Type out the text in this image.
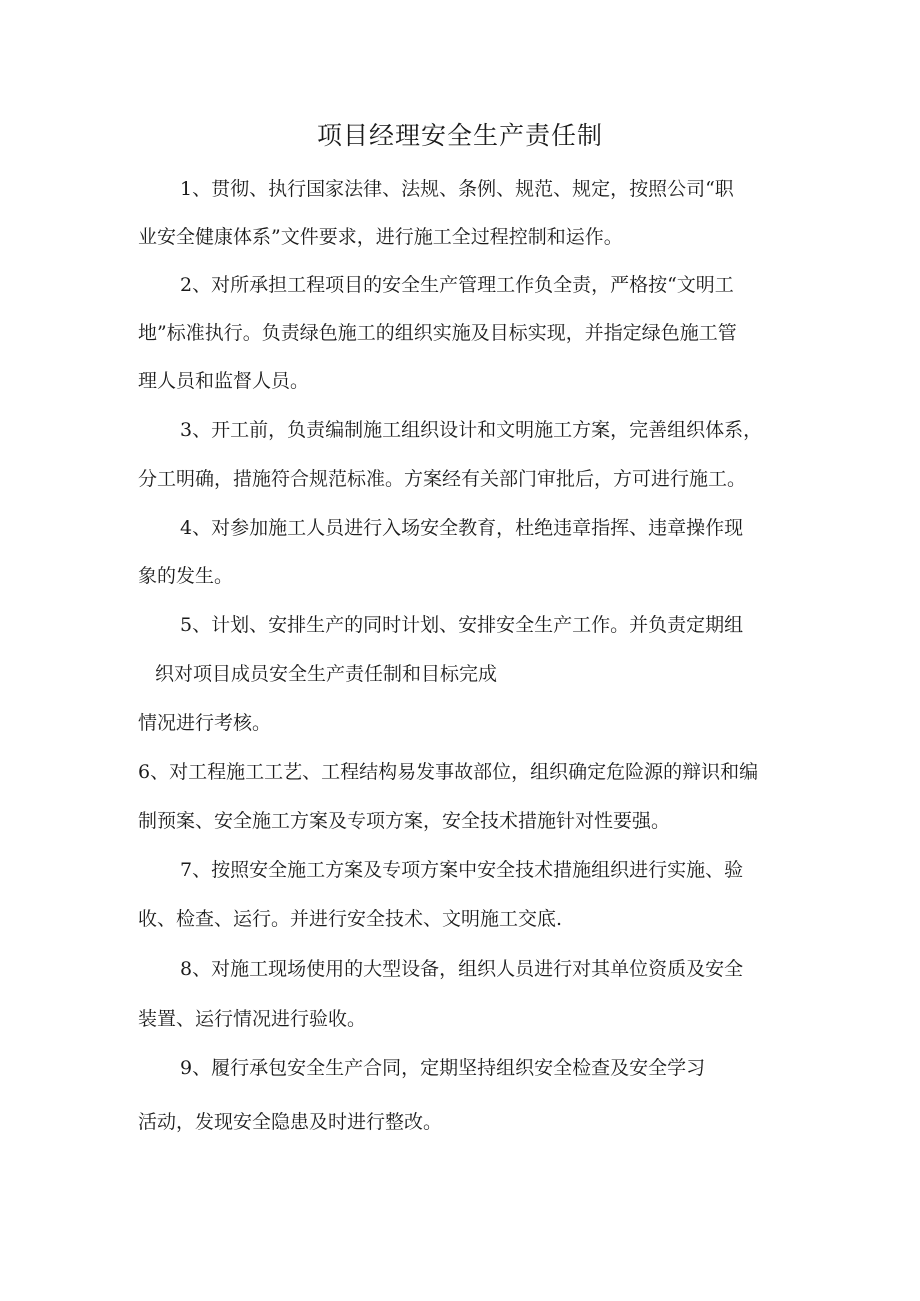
项目经理安全生产责任制

1、贯彻、执行国家法律、法规、条例、规范、规定，按照公司“职

业安全健康体系”文件要求，进行施工全过程控制和运作。

2、对所承担工程项目的安全生产管理工作负全责，严格按“文明工

地”标准执行。负责绿色施工的组织实施及目标实现，并指定绿色施工管

理人员和监督人员。

3、开工前，负责编制施工组织设计和文明施工方案，完善组织体系，

分工明确，措施符合规范标准。方案经有关部门审批后，方可进行施工。

4、对参加施工人员进行入场安全教育，杜绝违章指挥、违章操作现

象的发生。

5、计划、安排生产的同时计划、安排安全生产工作。并负责定期组

织对项目成员安全生产责任制和目标完成

情况进行考核。

6、对工程施工工艺、工程结构易发事故部位，组织确定危险源的辩识和编

制预案、安全施工方案及专项方案，安全技术措施针对性要强。

7、按照安全施工方案及专项方案中安全技术措施组织进行实施、验

收、检查、运行。并进行安全技术、文明施工交底.

8、对施工现场使用的大型设备，组织人员进行对其单位资质及安全

装置、运行情况进行验收。

9、履行承包安全生产合同，定期坚持组织安全检查及安全学习

活动，发现安全隐患及时进行整改。
